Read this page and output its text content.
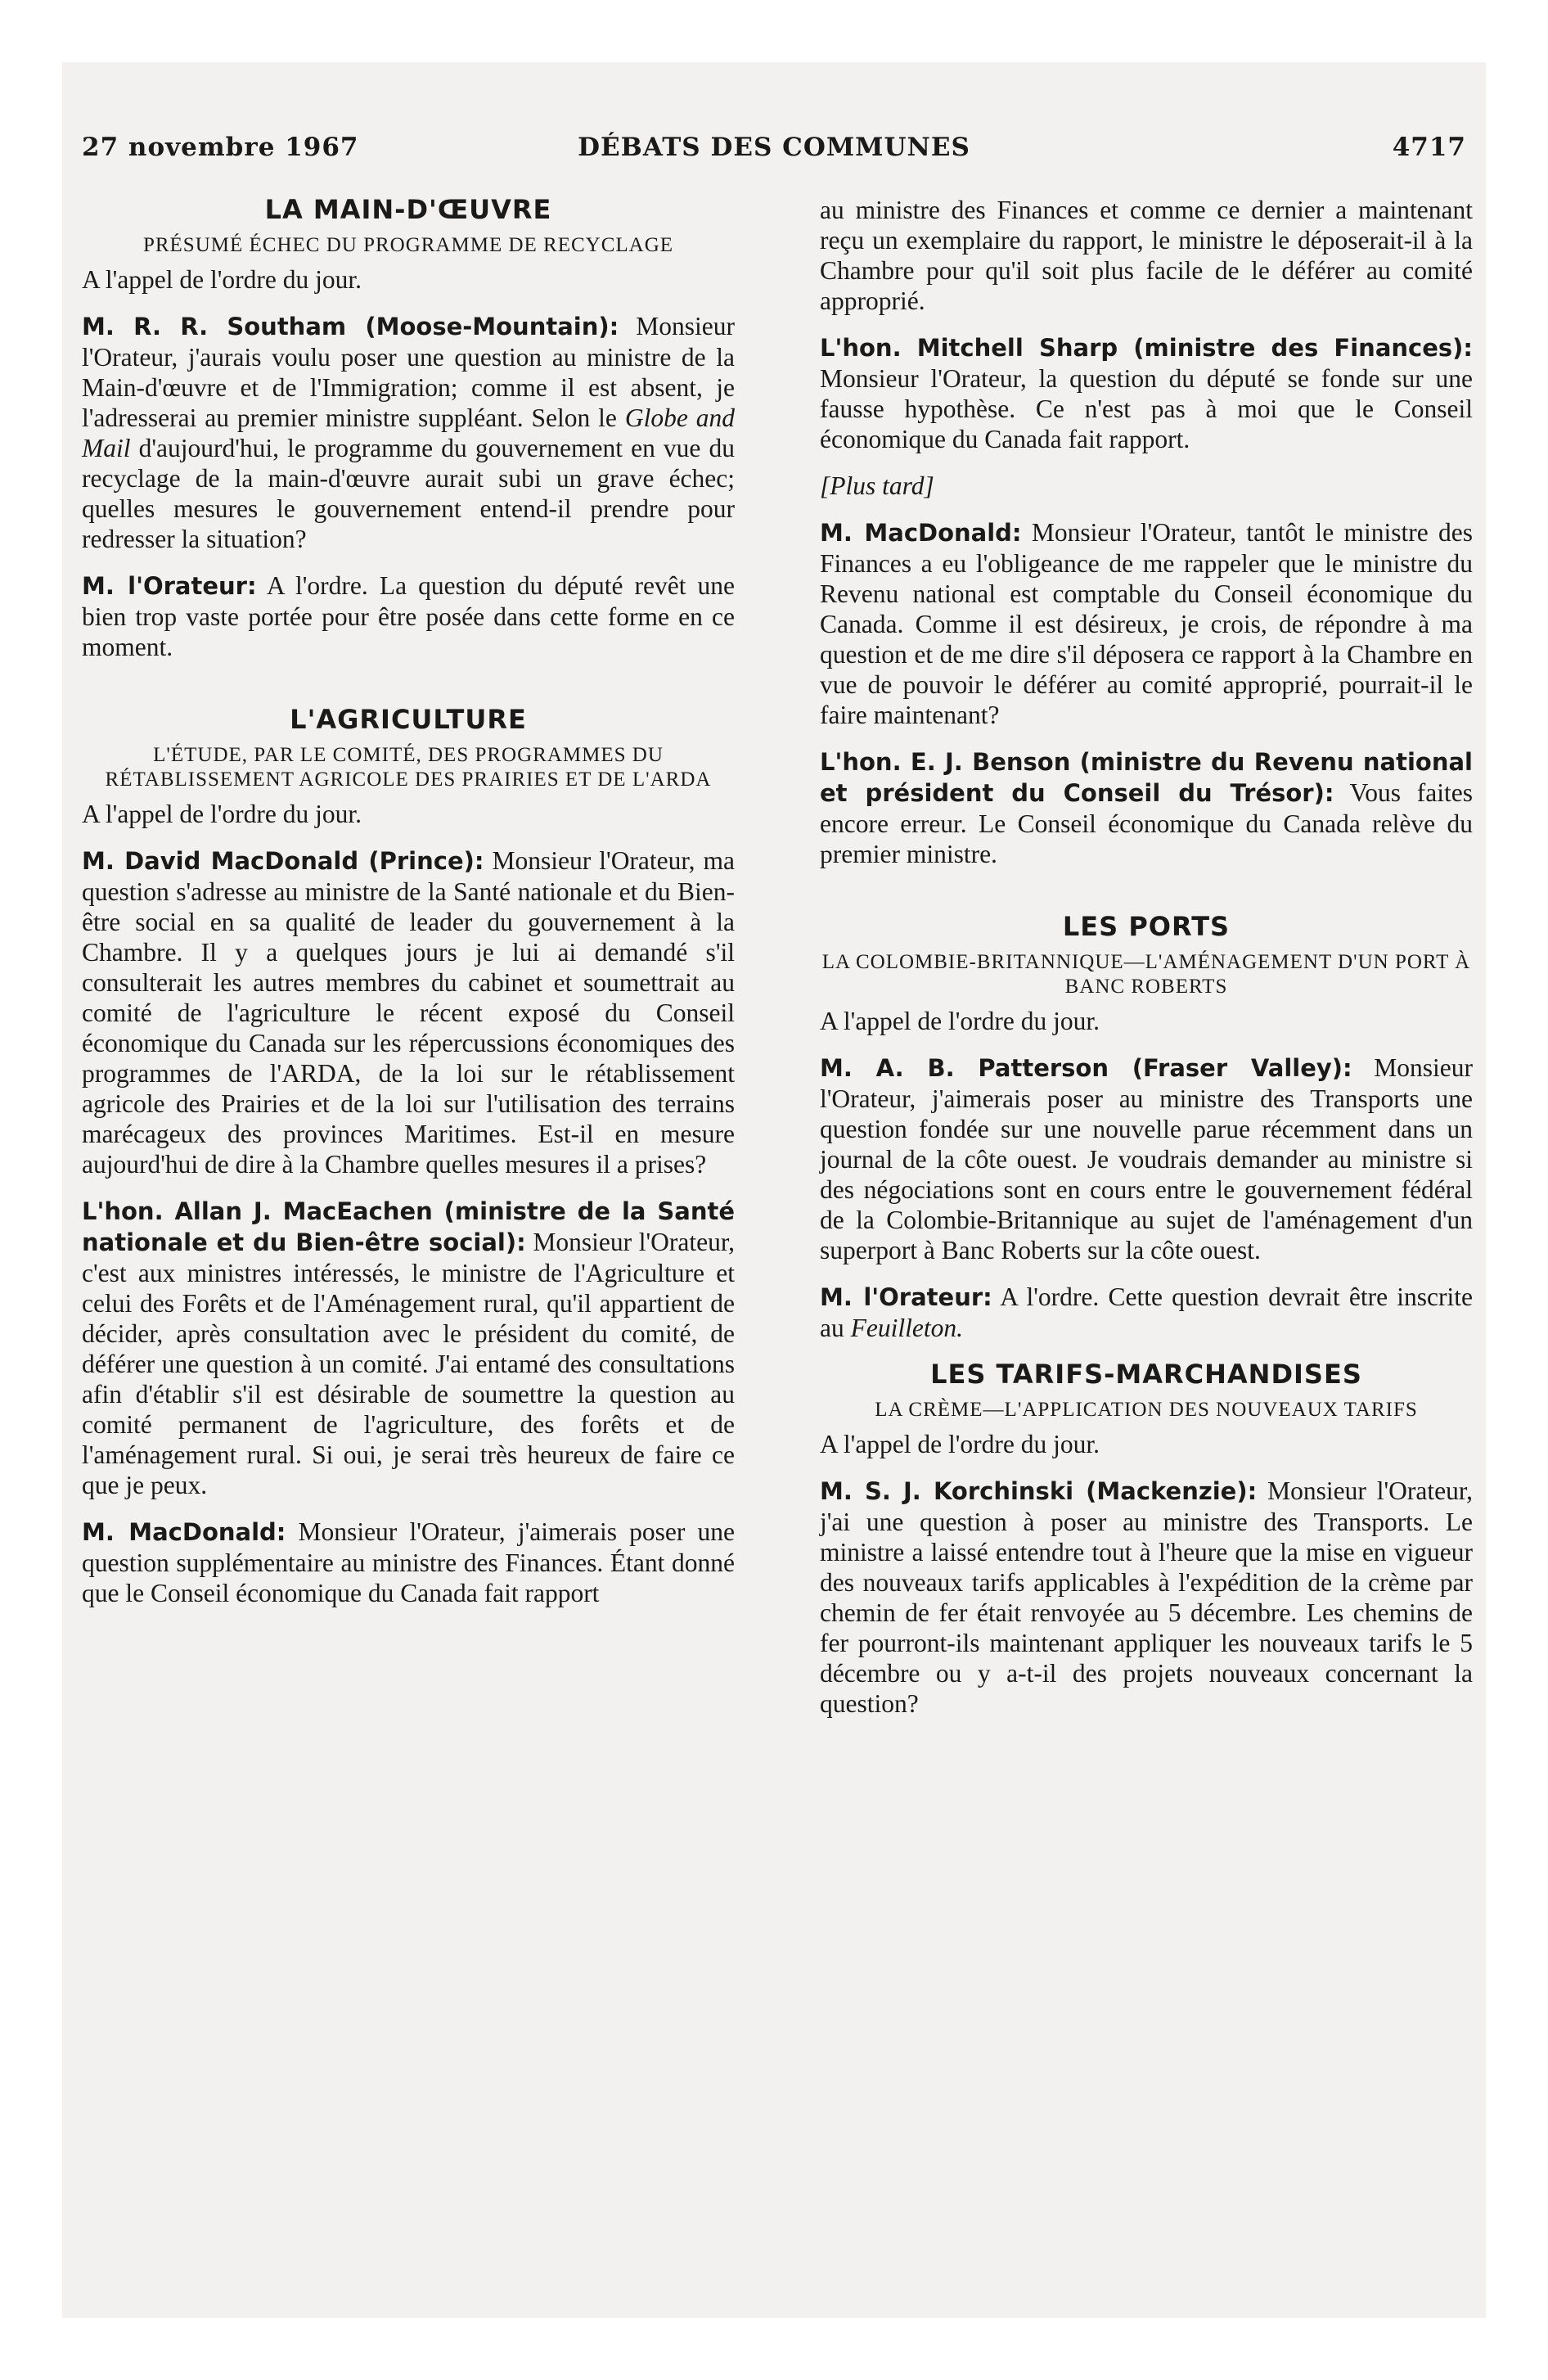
DÉBATS DES COMMUNES
27 novembre 1967	4717
LA MAIN-D'ŒUVRE
PRÉSUMÉ ÉCHEC DU PROGRAMME DE RECYCLAGE

A l'appel de l'ordre du jour.

M. R. R. Southam (Moose-Mountain): Monsieur l'Orateur, j'aurais voulu poser une question au ministre de la Main-d'œuvre et de l'Immigration; comme il est absent, je l'adresserai au premier ministre suppléant. Selon le Globe and Mail d'aujourd'hui, le programme du gouvernement en vue du recyclage de la main-d'œuvre aurait subi un grave échec; quelles mesures le gouvernement entend-il prendre pour redresser la situation?

M. l'Orateur: A l'ordre. La question du député revêt une bien trop vaste portée pour être posée dans cette forme en ce moment.

L'AGRICULTURE
L'ÉTUDE, PAR LE COMITÉ, DES PROGRAMMES DU RÉTABLISSEMENT AGRICOLE DES PRAIRIES ET DE L'ARDA

A l'appel de l'ordre du jour.

M. David MacDonald (Prince): Monsieur l'Orateur, ma question s'adresse au ministre de la Santé nationale et du Bien-être social en sa qualité de leader du gouvernement à la Chambre. Il y a quelques jours je lui ai demandé s'il consulterait les autres membres du cabinet et soumettrait au comité de l'agriculture le récent exposé du Conseil économique du Canada sur les répercussions économiques des programmes de l'ARDA, de la loi sur le rétablissement agricole des Prairies et de la loi sur l'utilisation des terrains marécageux des provinces Maritimes. Est-il en mesure aujourd'hui de dire à la Chambre quelles mesures il a prises?

L'hon. Allan J. MacEachen (ministre de la Santé nationale et du Bien-être social): Monsieur l'Orateur, c'est aux ministres intéressés, le ministre de l'Agriculture et celui des Forêts et de l'Aménagement rural, qu'il appartient de décider, après consultation avec le président du comité, de déférer une question à un comité. J'ai entamé des consultations afin d'établir s'il est désirable de soumettre la question au comité permanent de l'agriculture, des forêts et de l'aménagement rural. Si oui, je serai très heureux de faire ce que je peux.

M. MacDonald: Monsieur l'Orateur, j'aimerais poser une question supplémentaire au ministre des Finances. Étant donné que le Conseil économique du Canada fait rapport

au ministre des Finances et comme ce dernier a maintenant reçu un exemplaire du rapport, le ministre le déposerait-il à la Chambre pour qu'il soit plus facile de le déférer au comité approprié.

L'hon. Mitchell Sharp (ministre des Finances): Monsieur l'Orateur, la question du député se fonde sur une fausse hypothèse. Ce n'est pas à moi que le Conseil économique du Canada fait rapport.

[Plus tard]

M. MacDonald: Monsieur l'Orateur, tantôt le ministre des Finances a eu l'obligeance de me rappeler que le ministre du Revenu national est comptable du Conseil économique du Canada. Comme il est désireux, je crois, de répondre à ma question et de me dire s'il déposera ce rapport à la Chambre en vue de pouvoir le déférer au comité approprié, pourrait-il le faire maintenant?

L'hon. E. J. Benson (ministre du Revenu national et président du Conseil du Trésor): Vous faites encore erreur. Le Conseil économique du Canada relève du premier ministre.

LES PORTS
LA COLOMBIE-BRITANNIQUE—L'AMÉNAGEMENT D'UN PORT À BANC ROBERTS

A l'appel de l'ordre du jour.

M. A. B. Patterson (Fraser Valley): Monsieur l'Orateur, j'aimerais poser au ministre des Transports une question fondée sur une nouvelle parue récemment dans un journal de la côte ouest. Je voudrais demander au ministre si des négociations sont en cours entre le gouvernement fédéral de la Colombie-Britannique au sujet de l'aménagement d'un superport à Banc Roberts sur la côte ouest.

M. l'Orateur: A l'ordre. Cette question devrait être inscrite au Feuilleton.

LES TARIFS-MARCHANDISES
LA CRÈME—L'APPLICATION DES NOUVEAUX TARIFS

A l'appel de l'ordre du jour.

M. S. J. Korchinski (Mackenzie): Monsieur l'Orateur, j'ai une question à poser au ministre des Transports. Le ministre a laissé entendre tout à l'heure que la mise en vigueur des nouveaux tarifs applicables à l'expédition de la crème par chemin de fer était renvoyée au 5 décembre. Les chemins de fer pourront-ils maintenant appliquer les nouveaux tarifs le 5 décembre ou y a-t-il des projets nouveaux concernant la question?
